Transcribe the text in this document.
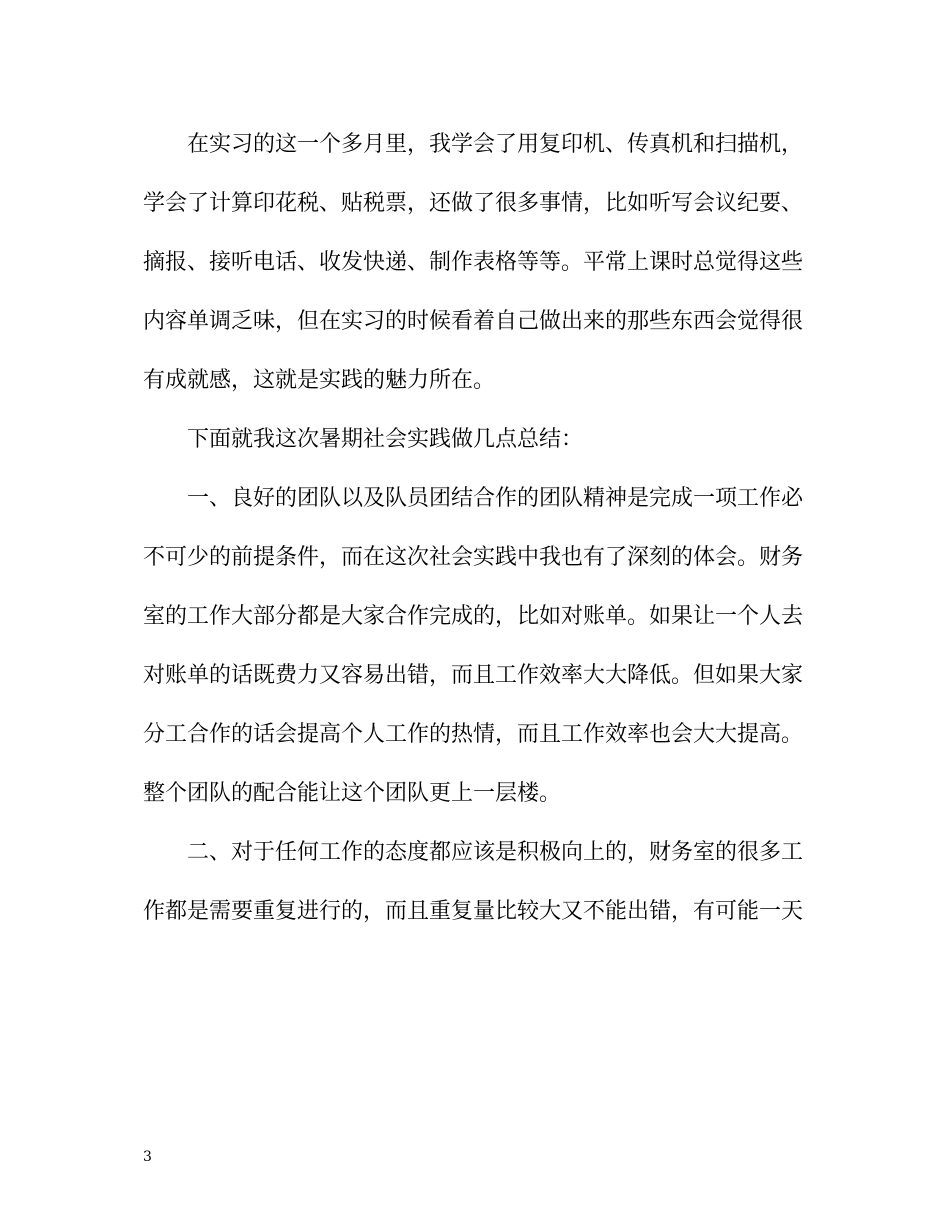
在实习的这一个多月里，我学会了用复印机、传真机和扫描机，
学会了计算印花税、贴税票，还做了很多事情，比如听写会议纪要、
摘报、接听电话、收发快递、制作表格等等。平常上课时总觉得这些
内容单调乏味，但在实习的时候看着自己做出来的那些东西会觉得很
有成就感，这就是实践的魅力所在。
下面就我这次暑期社会实践做几点总结：
一、良好的团队以及队员团结合作的团队精神是完成一项工作必
不可少的前提条件，而在这次社会实践中我也有了深刻的体会。财务
室的工作大部分都是大家合作完成的，比如对账单。如果让一个人去
对账单的话既费力又容易出错，而且工作效率大大降低。但如果大家
分工合作的话会提高个人工作的热情，而且工作效率也会大大提高。
整个团队的配合能让这个团队更上一层楼。
二、对于任何工作的态度都应该是积极向上的，财务室的很多工
作都是需要重复进行的，而且重复量比较大又不能出错，有可能一天
3
